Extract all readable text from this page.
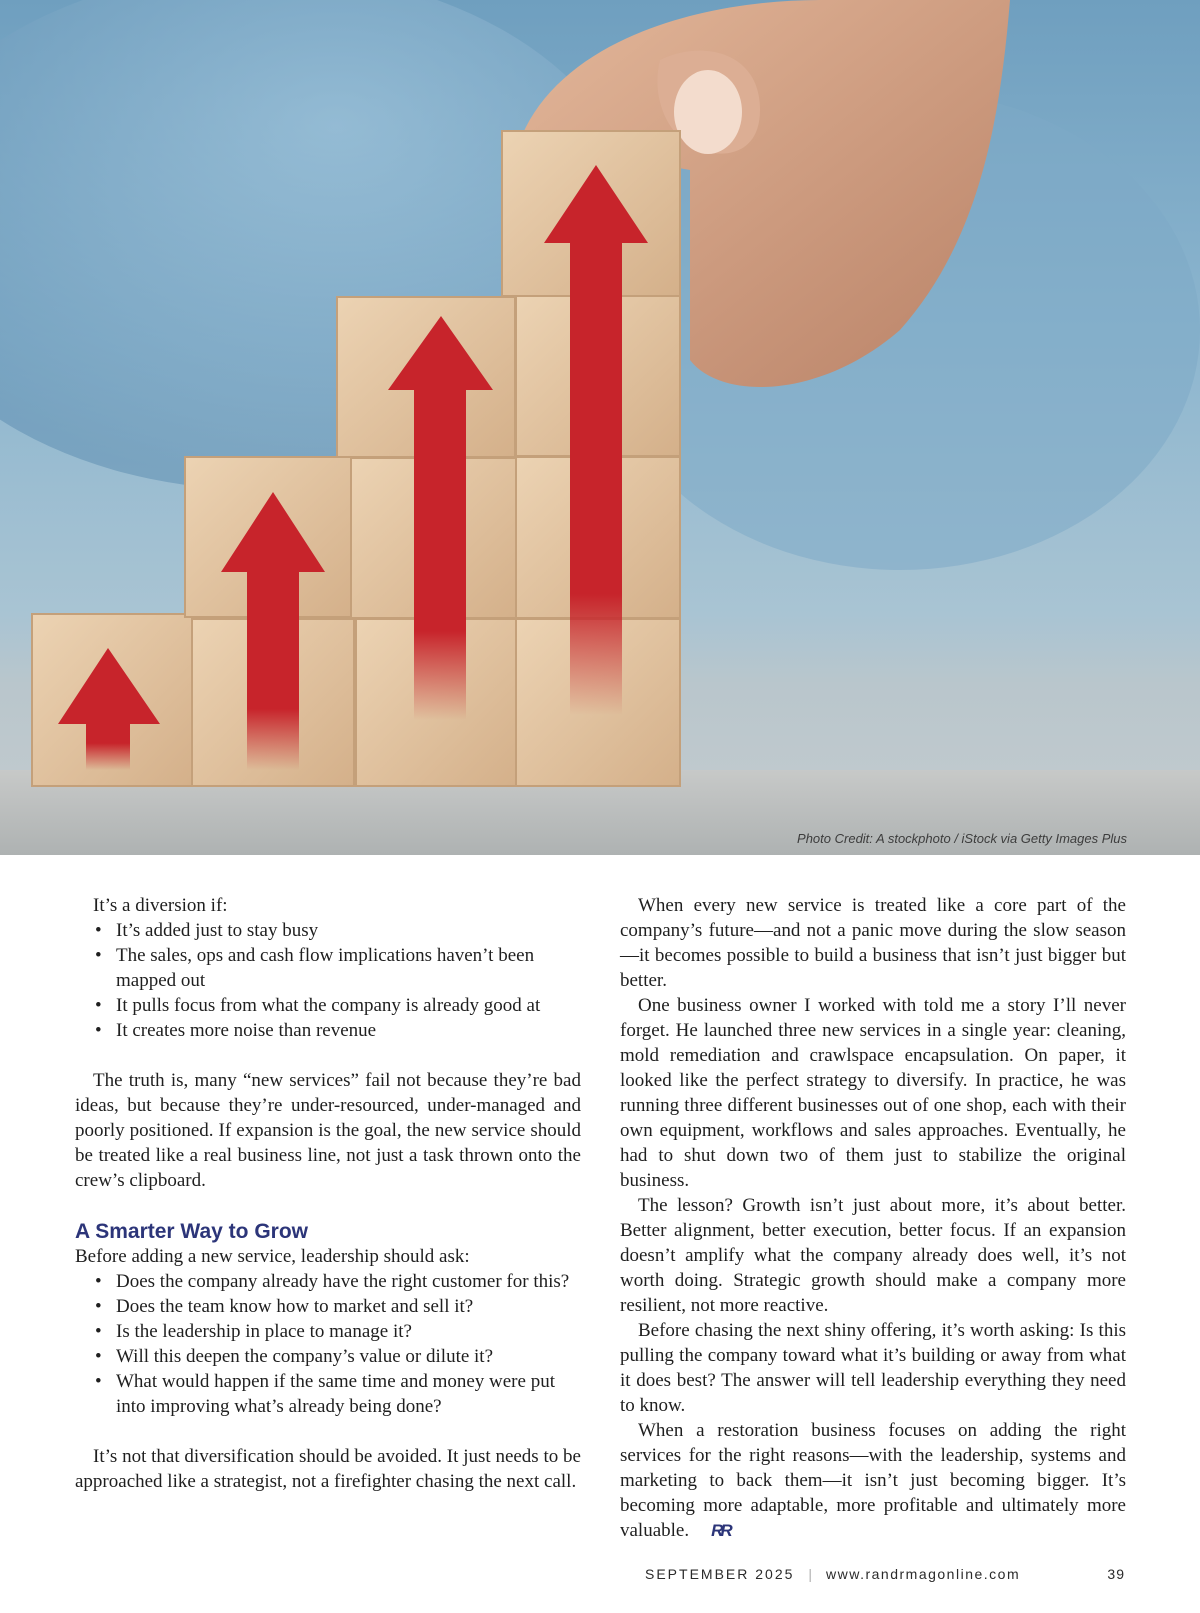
Photo Credit: A stockphoto / iStock via Getty Images Plus
It’s a diversion if:
• It’s added just to stay busy
• The sales, ops and cash flow implications haven’t been mapped out
• It pulls focus from what the company is already good at
• It creates more noise than revenue

The truth is, many “new services” fail not because they’re bad ideas, but because they’re under-resourced, under-managed and poorly positioned. If expansion is the goal, the new service should be treated like a real business line, not just a task thrown onto the crew’s clipboard.

A Smarter Way to Grow
Before adding a new service, leadership should ask:
• Does the company already have the right customer for this?
• Does the team know how to market and sell it?
• Is the leadership in place to manage it?
• Will this deepen the company’s value or dilute it?
• What would happen if the same time and money were put into improving what’s already being done?

It’s not that diversification should be avoided. It just needs to be approached like a strategist, not a firefighter chasing the next call.

When every new service is treated like a core part of the company’s future—and not a panic move during the slow season—it becomes possible to build a business that isn’t just bigger but better.

One business owner I worked with told me a story I’ll never forget. He launched three new services in a single year: cleaning, mold remediation and crawlspace encapsulation. On paper, it looked like the perfect strategy to diversify. In practice, he was running three different businesses out of one shop, each with their own equipment, workflows and sales approaches. Eventually, he had to shut down two of them just to stabilize the original business.

The lesson? Growth isn’t just about more, it’s about better. Better alignment, better execution, better focus. If an expansion doesn’t amplify what the company already does well, it’s not worth doing. Strategic growth should make a company more resilient, not more reactive.

Before chasing the next shiny offering, it’s worth asking: Is this pulling the company toward what it’s building or away from what it does best? The answer will tell leadership everything they need to know.

When a restoration business focuses on adding the right services for the right reasons—with the leadership, systems and marketing to back them—it isn’t just becoming bigger. It’s becoming more adaptable, more profitable and ultimately more valuable. RR

SEPTEMBER 2025 | www.randrmagonline.com	39
